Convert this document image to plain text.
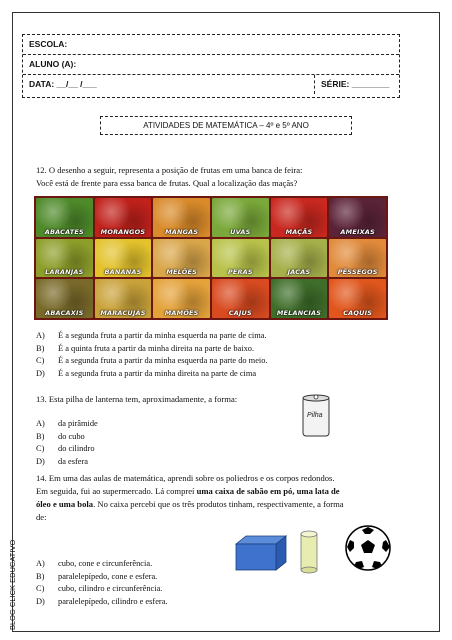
ESCOLA:
ALUNO (A):
DATA: __/__ /___	SÉRIE: ________
ATIVIDADES DE MATEMÁTICA – 4º e 5º ANO
12. O desenho a seguir, representa a posição de frutas em uma banca de feira:
Você está de frente para essa banca de frutas. Qual a localização das maçãs?
ABACATES	MORANGOS	MANGAS	UVAS	MAÇÃS	AMEIXAS
LARANJAS	BANANAS	MELÕES	PERAS	JACAS	PÊSSEGOS
ABACAXIS	MARACUJÁS	MAMÕES	CAJUS	MELANCIAS	CAQUIS
A) É a segunda fruta a partir da minha esquerda na parte de cima.
B) É a quinta fruta a partir da minha direita na parte de baixo.
C) É a segunda fruta a partir da minha esquerda na parte do meio.
D) É a segunda fruta a partir da minha direita na parte de cima
13. Esta pilha de lanterna tem, aproximadamente, a forma:
A) da pirâmide
B) do cubo
C) do cilindro
D) da esfera
Pilha
14. Em uma das aulas de matemática, aprendi sobre os poliedros e os corpos redondos.
Em seguida, fui ao supermercado. Lá compreí uma caixa de sabão em pó, uma lata de
óleo e uma bola. No caixa percebi que os três produtos tinham, respectivamente, a forma
de:
A) cubo, cone e circunferência.
B) paralelepípedo, cone e esfera.
C) cubo, cilindro e circunferência.
D) paralelepípedo, cilindro e esfera.
BLOG CLICK EDUCATIVO
